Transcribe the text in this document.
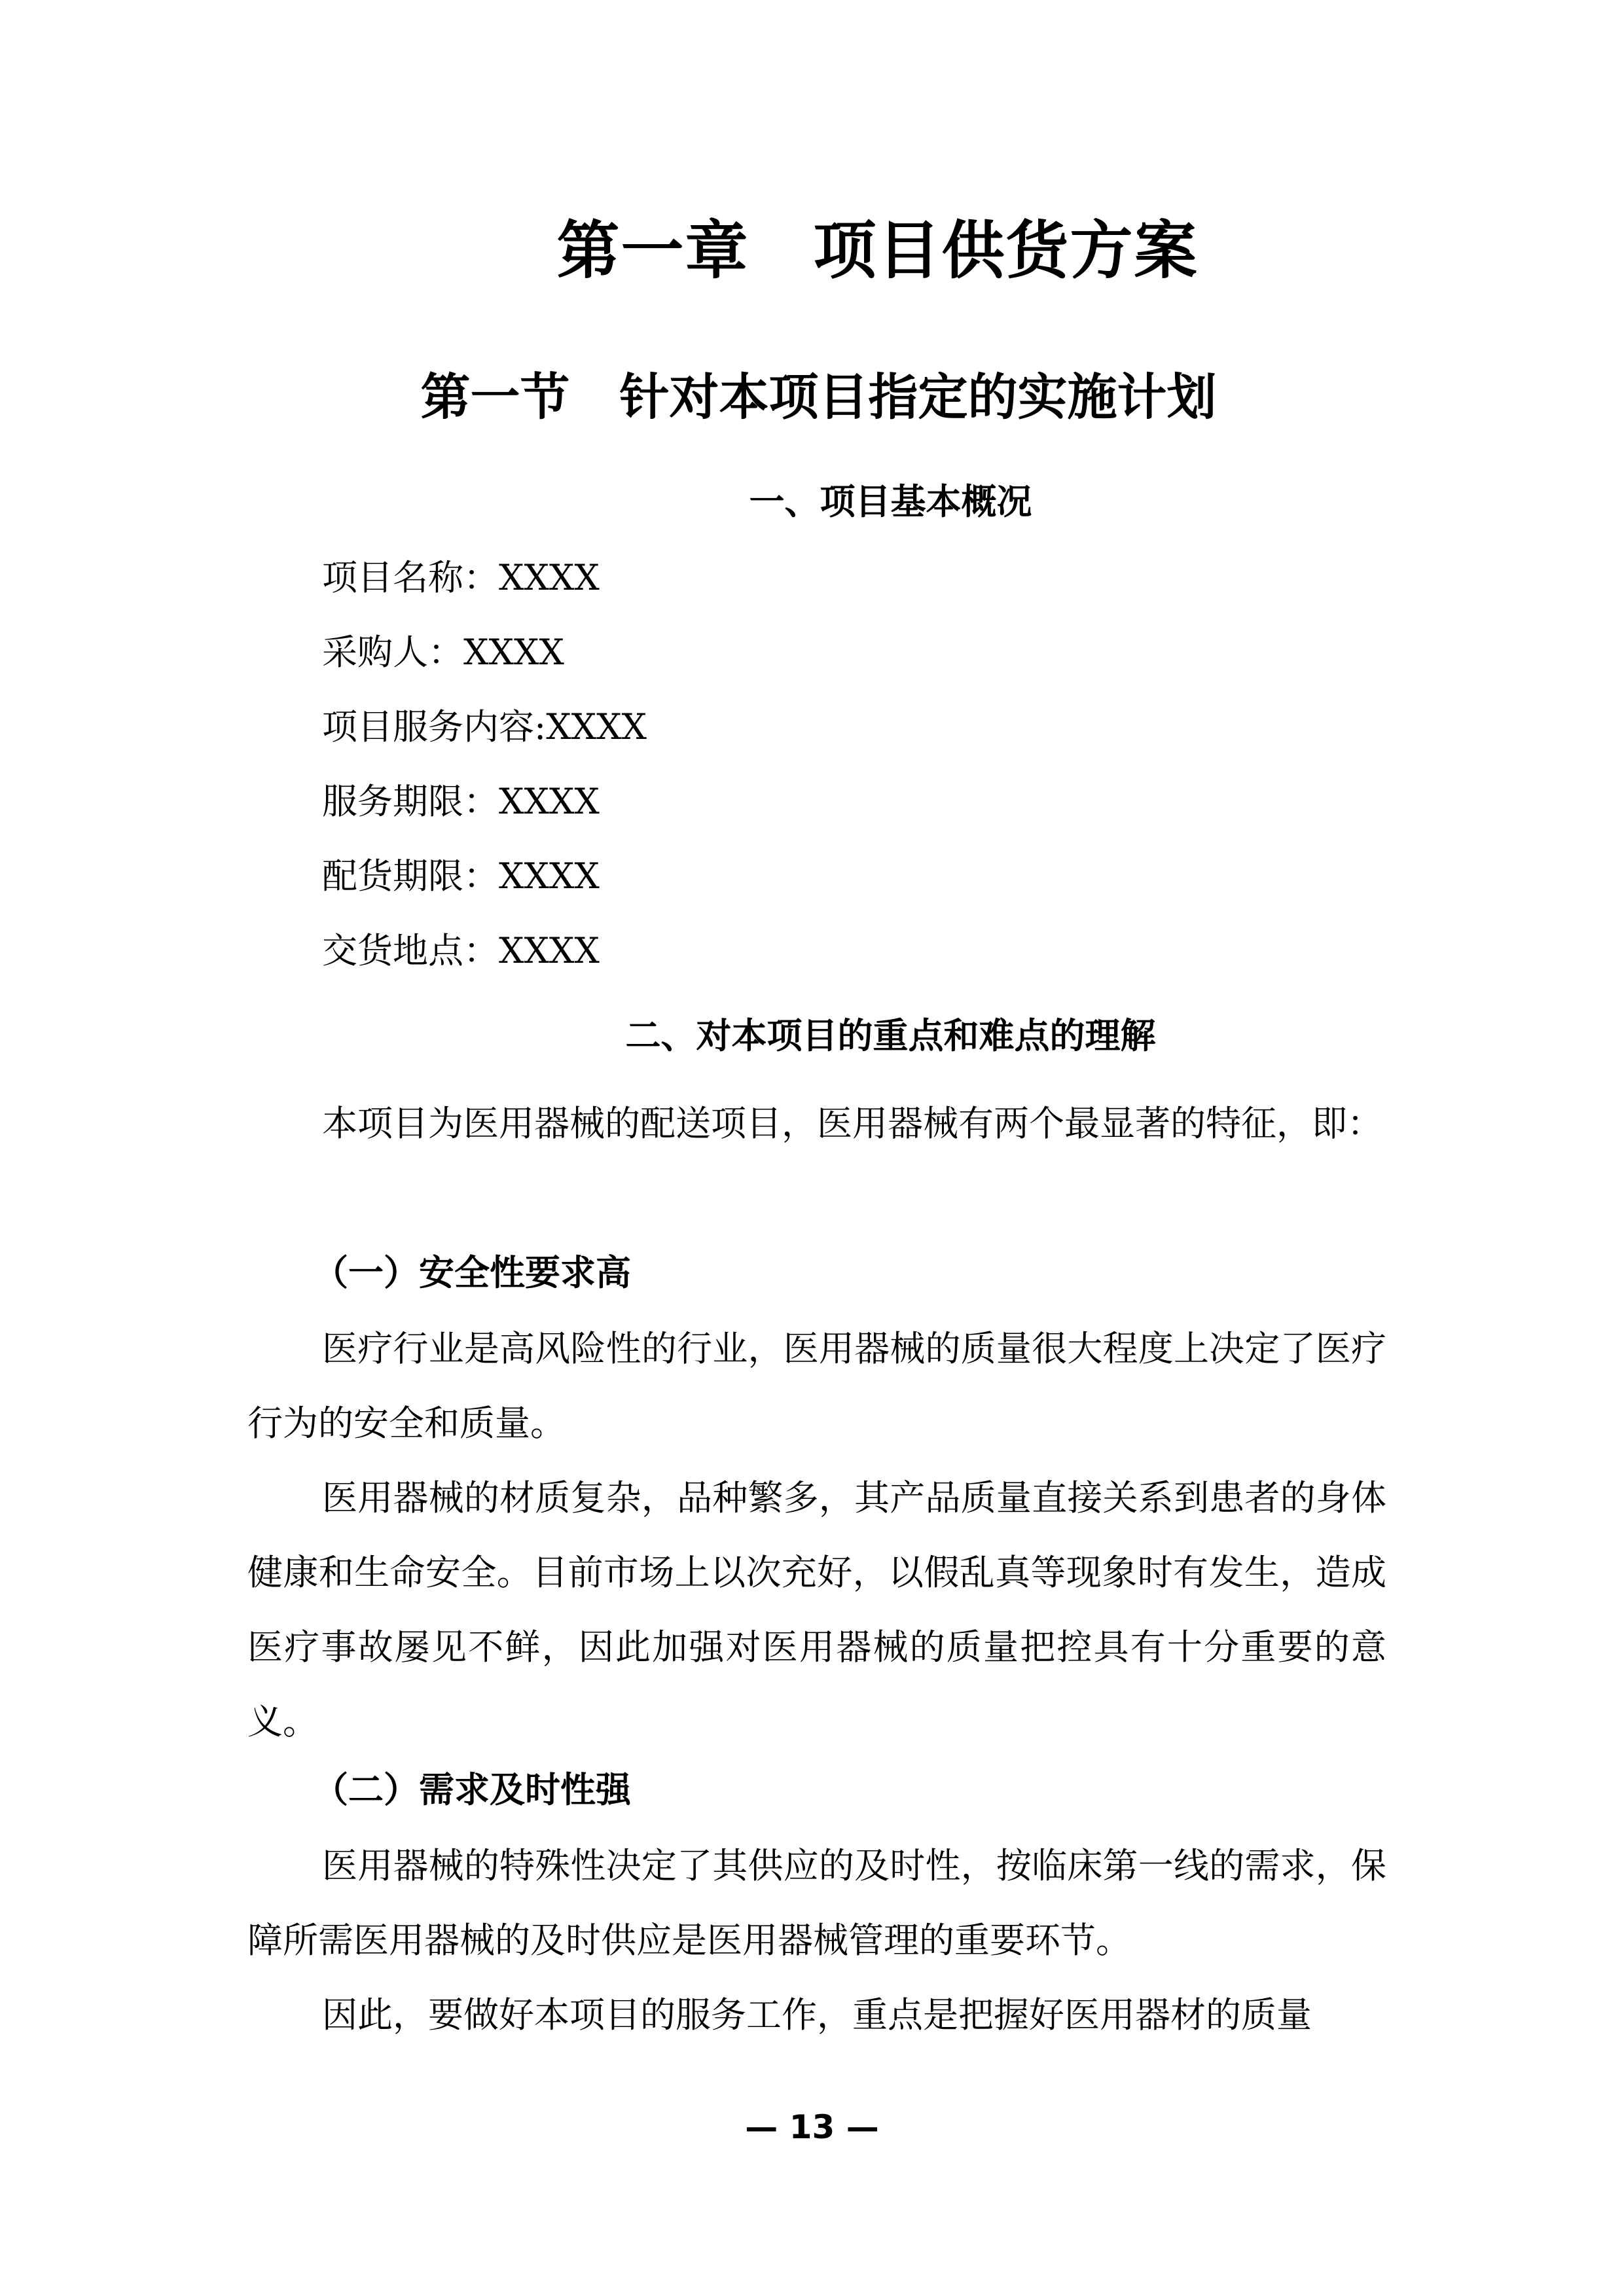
第一章　项目供货方案
第一节　针对本项目指定的实施计划
一、项目基本概况
项目名称：XXXX
采购人：XXXX
项目服务内容:XXXX
服务期限：XXXX
配货期限：XXXX
交货地点：XXXX
二、对本项目的重点和难点的理解

本项目为医用器械的配送项目，医用器械有两个最显著的特征，即：

（一）安全性要求高

医疗行业是高风险性的行业，医用器械的质量很大程度上决定了医疗行为的安全和质量。

医用器械的材质复杂，品种繁多，其产品质量直接关系到患者的身体健康和生命安全。目前市场上以次充好，以假乱真等现象时有发生，造成医疗事故屡见不鲜，因此加强对医用器械的质量把控具有十分重要的意义。

（二）需求及时性强

医用器械的特殊性决定了其供应的及时性，按临床第一线的需求，保障所需医用器械的及时供应是医用器械管理的重要环节。

因此，要做好本项目的服务工作，重点是把握好医用器材的质量

— 13 —
